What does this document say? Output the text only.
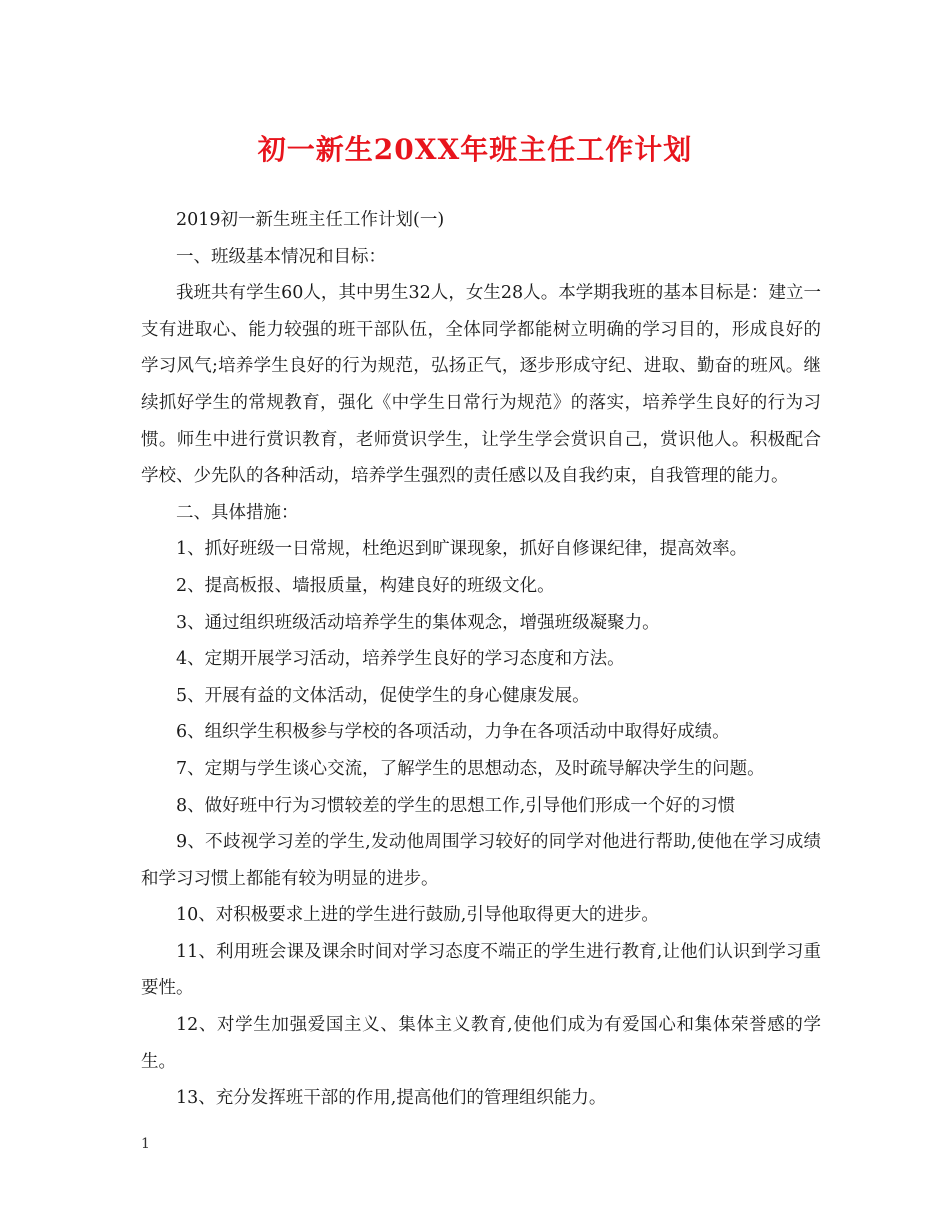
初一新生20XX年班主任工作计划

2019初一新生班主任工作计划(一)

一、班级基本情况和目标：

我班共有学生60人，其中男生32人，女生28人。本学期我班的基本目标是：建立一支有进取心、能力较强的班干部队伍，全体同学都能树立明确的学习目的，形成良好的学习风气;培养学生良好的行为规范，弘扬正气，逐步形成守纪、进取、勤奋的班风。继续抓好学生的常规教育，强化《中学生日常行为规范》的落实，培养学生良好的行为习惯。师生中进行赏识教育，老师赏识学生，让学生学会赏识自己，赏识他人。积极配合学校、少先队的各种活动，培养学生强烈的责任感以及自我约束，自我管理的能力。

二、具体措施：

1、抓好班级一日常规，杜绝迟到旷课现象，抓好自修课纪律，提高效率。

2、提高板报、墙报质量，构建良好的班级文化。

3、通过组织班级活动培养学生的集体观念，增强班级凝聚力。

4、定期开展学习活动，培养学生良好的学习态度和方法。

5、开展有益的文体活动，促使学生的身心健康发展。

6、组织学生积极参与学校的各项活动，力争在各项活动中取得好成绩。

7、定期与学生谈心交流，了解学生的思想动态，及时疏导解决学生的问题。

8、做好班中行为习惯较差的学生的思想工作,引导他们形成一个好的习惯

9、不歧视学习差的学生,发动他周围学习较好的同学对他进行帮助,使他在学习成绩和学习习惯上都能有较为明显的进步。

10、对积极要求上进的学生进行鼓励,引导他取得更大的进步。

11、利用班会课及课余时间对学习态度不端正的学生进行教育,让他们认识到学习重要性。

12、对学生加强爱国主义、集体主义教育,使他们成为有爱国心和集体荣誉感的学生。

13、充分发挥班干部的作用,提高他们的管理组织能力。

1
